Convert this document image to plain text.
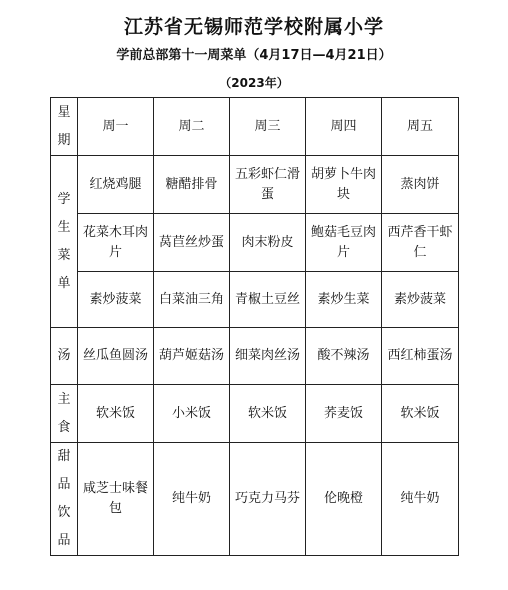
江苏省无锡师范学校附属小学
学前总部第十一周菜单（4月17日—4月21日）
（2023年）
星期	周一	周二	周三	周四	周五
学生菜单	红烧鸡腿	糖醋排骨	五彩虾仁滑蛋	胡萝卜牛肉块	蒸肉饼
	花菜木耳肉片	莴苣丝炒蛋	肉末粉皮	鲍菇毛豆肉片	西芹香干虾仁
	素炒菠菜	白菜油三角	青椒土豆丝	素炒生菜	素炒菠菜
汤	丝瓜鱼圆汤	葫芦姬菇汤	细菜肉丝汤	酸不辣汤	西红柿蛋汤
主食	软米饭	小米饭	软米饭	荞麦饭	软米饭
甜品饮品	咸芝士味餐包	纯牛奶	巧克力马芬	伦晚橙	纯牛奶
